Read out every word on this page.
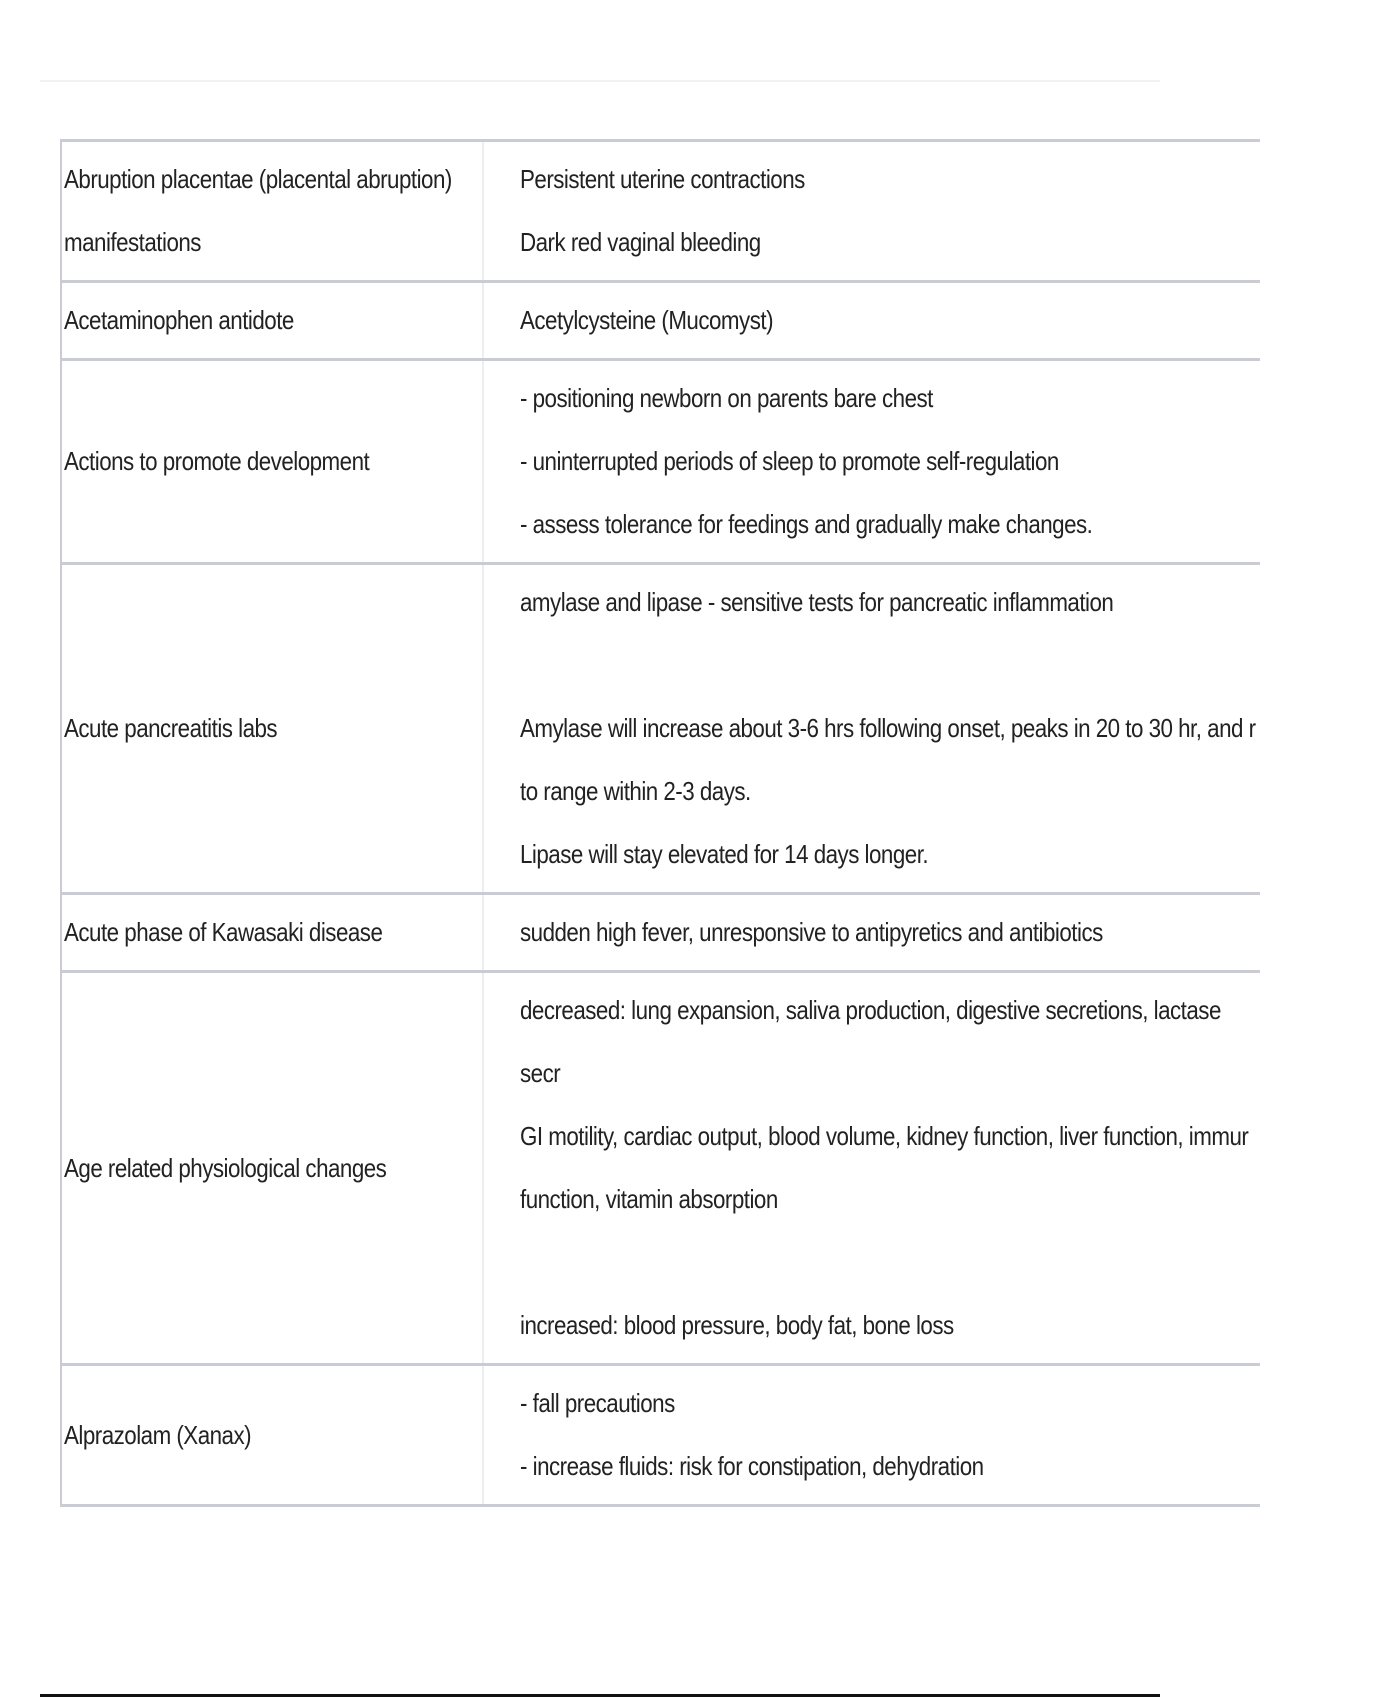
Abruption placentae (placental abruption)
manifestations	Persistent uterine contractions
Dark red vaginal bleeding
Acetaminophen antidote	Acetylcysteine (Mucomyst)
Actions to promote development	- positioning newborn on parents bare chest
- uninterrupted periods of sleep to promote self-regulation
- assess tolerance for feedings and gradually make changes.
Acute pancreatitis labs	amylase and lipase - sensitive tests for pancreatic inflammation

Amylase will increase about 3-6 hrs following onset, peaks in 20 to 30 hr, and r
to range within 2-3 days.
Lipase will stay elevated for 14 days longer.
Acute phase of Kawasaki disease	sudden high fever, unresponsive to antipyretics and antibiotics
Age related physiological changes	decreased: lung expansion, saliva production, digestive secretions, lactase secr
GI motility, cardiac output, blood volume, kidney function, liver function, immur
function, vitamin absorption

increased: blood pressure, body fat, bone loss
Alprazolam (Xanax)	- fall precautions
- increase fluids: risk for constipation, dehydration
